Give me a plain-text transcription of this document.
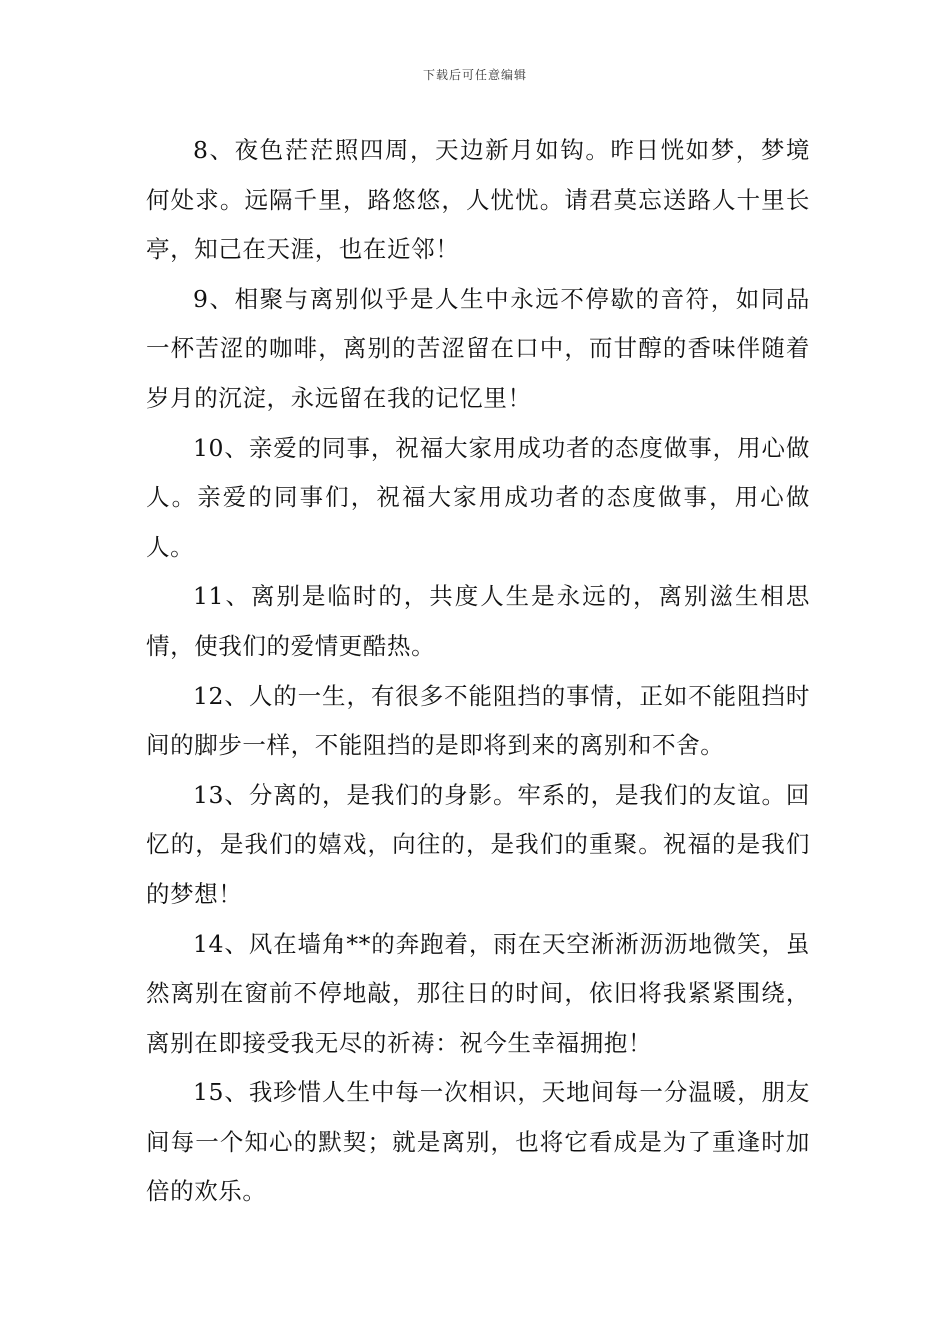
下载后可任意编辑

8、夜色茫茫照四周，天边新月如钩。昨日恍如梦，梦境何处求。远隔千里，路悠悠，人忧忧。请君莫忘送路人十里长亭，知己在天涯，也在近邻！

9、相聚与离别似乎是人生中永远不停歇的音符，如同品一杯苦涩的咖啡，离别的苦涩留在口中，而甘醇的香味伴随着岁月的沉淀，永远留在我的记忆里！

10、亲爱的同事，祝福大家用成功者的态度做事，用心做人。亲爱的同事们，祝福大家用成功者的态度做事，用心做人。

11、离别是临时的，共度人生是永远的，离别滋生相思情，使我们的爱情更酷热。

12、人的一生，有很多不能阻挡的事情，正如不能阻挡时间的脚步一样，不能阻挡的是即将到来的离别和不舍。

13、分离的，是我们的身影。牢系的，是我们的友谊。回忆的，是我们的嬉戏，向往的，是我们的重聚。祝福的是我们的梦想！

14、风在墙角**的奔跑着，雨在天空淅淅沥沥地微笑，虽然离别在窗前不停地敲，那往日的时间，依旧将我紧紧围绕，离别在即接受我无尽的祈祷：祝今生幸福拥抱！

15、我珍惜人生中每一次相识，天地间每一分温暖，朋友间每一个知心的默契；就是离别，也将它看成是为了重逢时加倍的欢乐。
